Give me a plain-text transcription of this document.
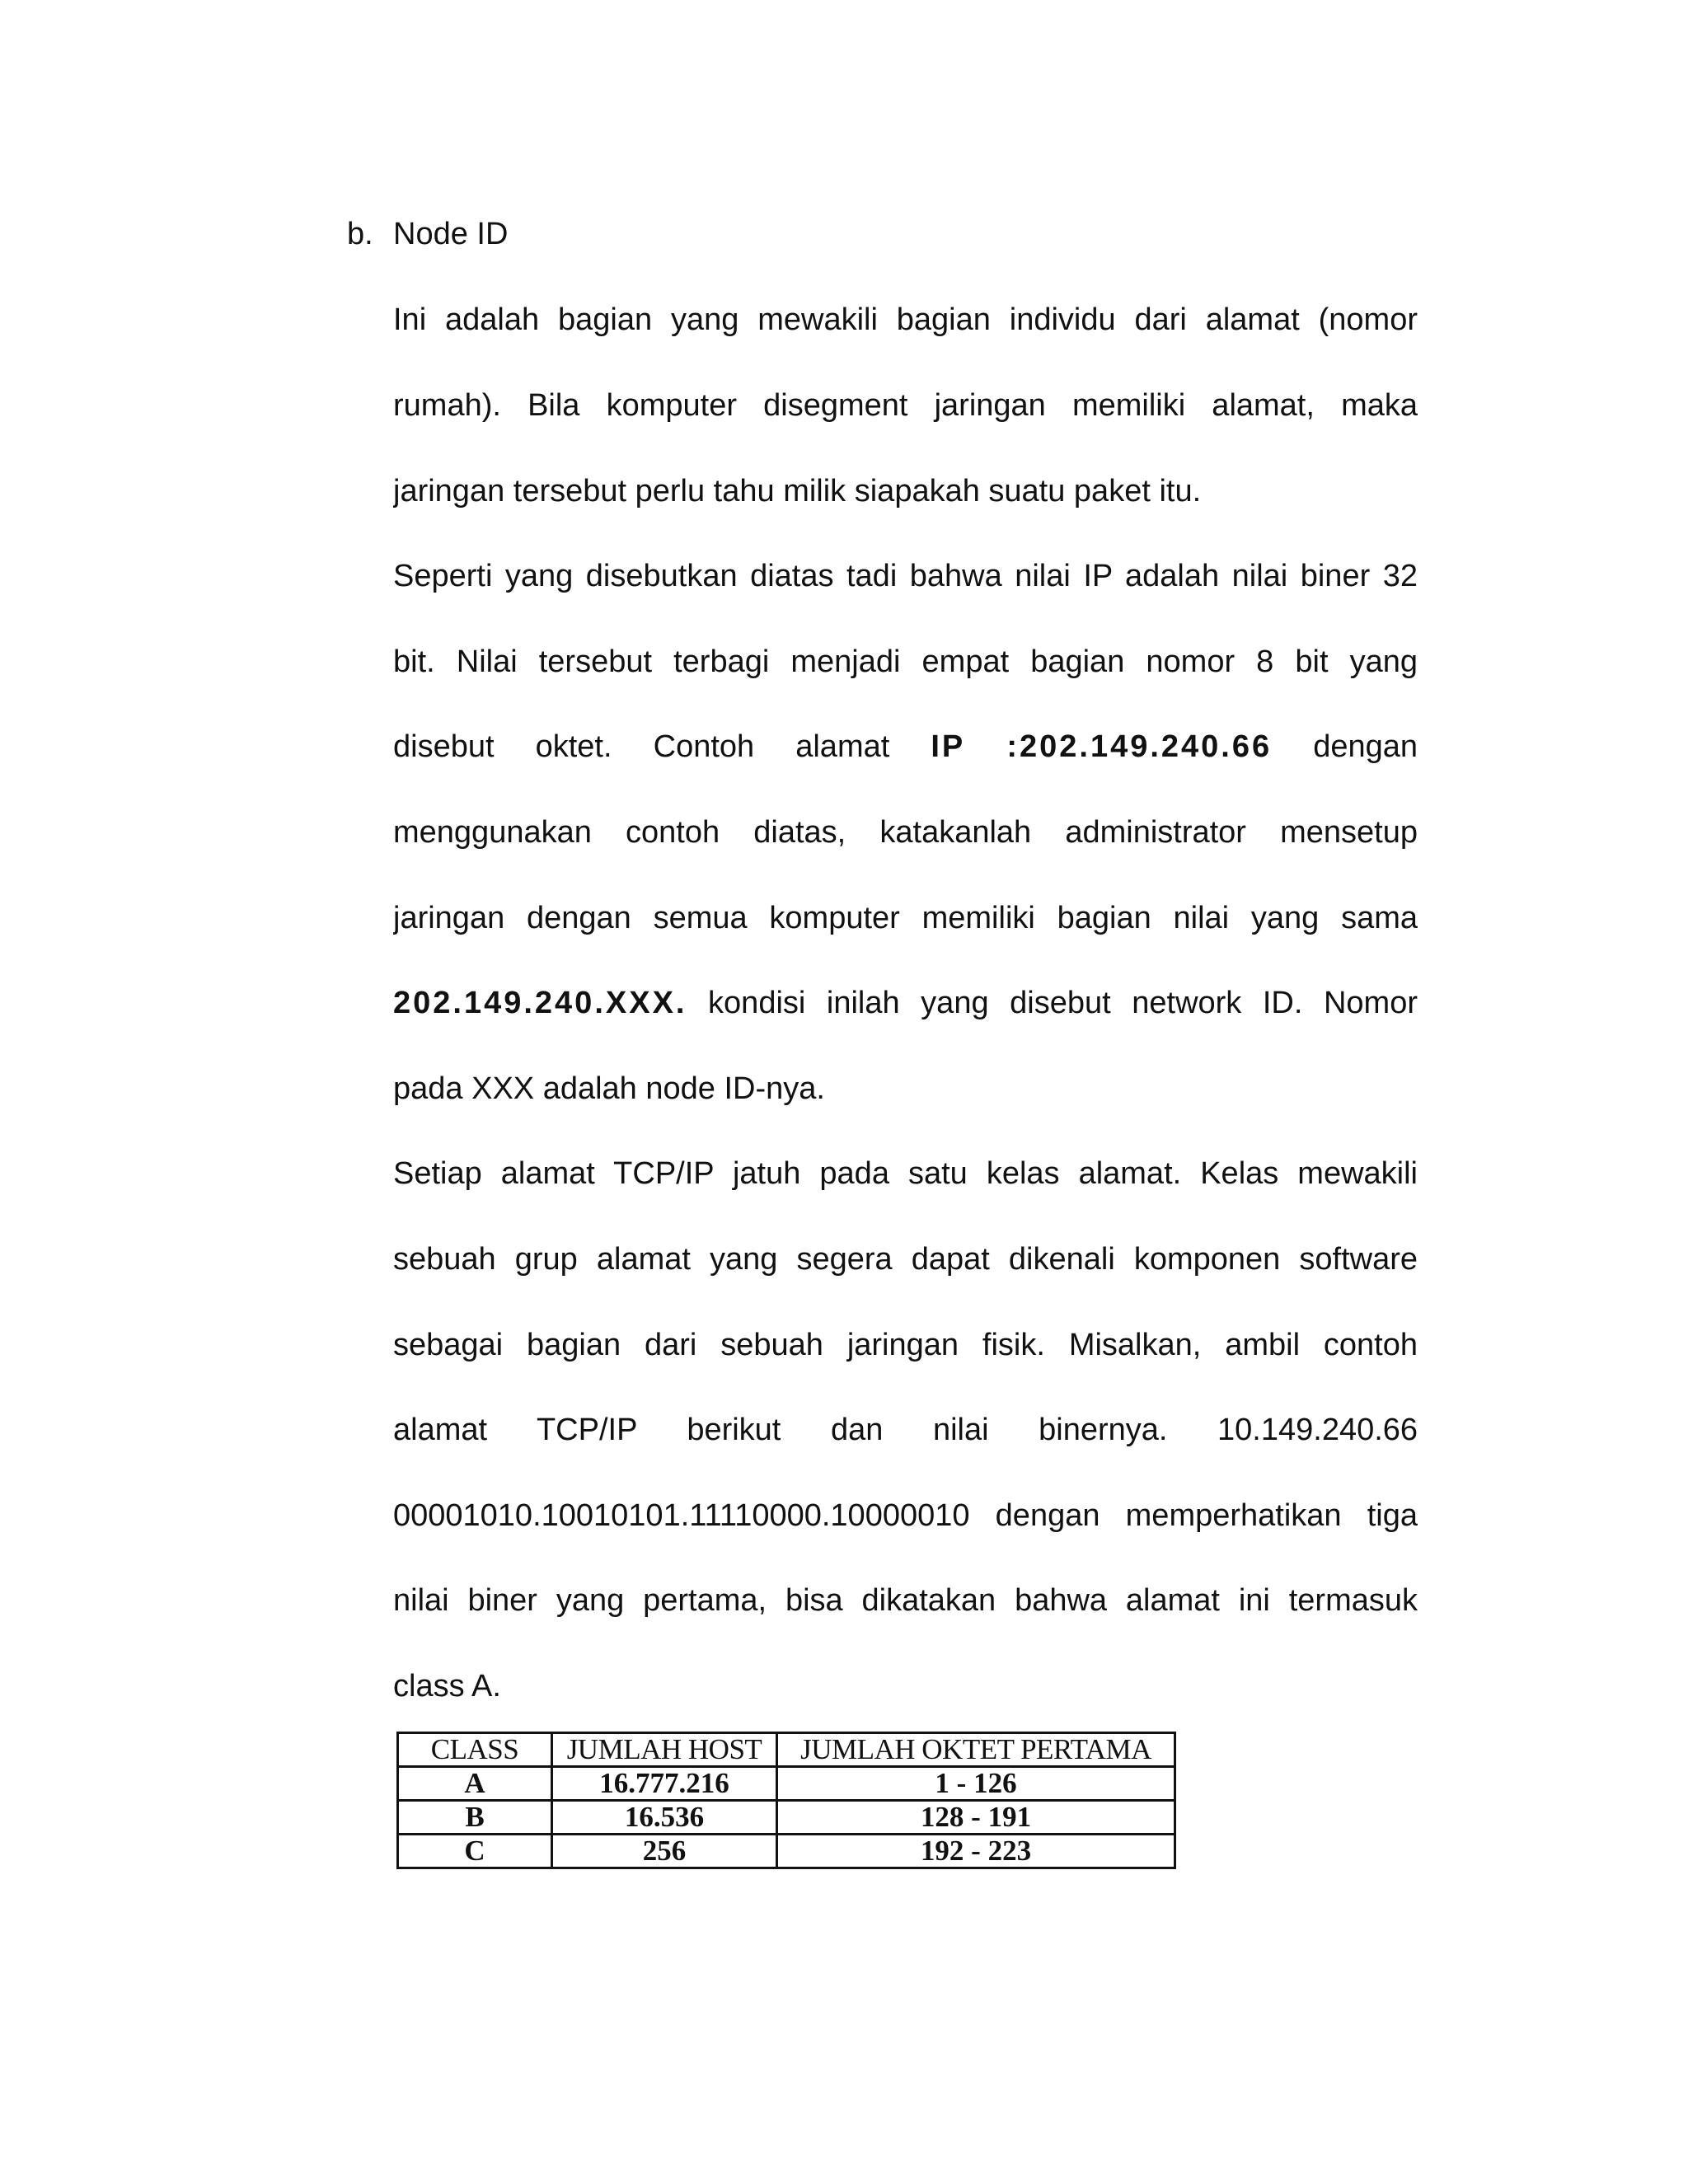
b. Node ID
Ini adalah bagian yang mewakili bagian individu dari alamat (nomor
rumah). Bila komputer disegment jaringan memiliki alamat, maka
jaringan tersebut perlu tahu milik siapakah suatu paket itu.
Seperti yang disebutkan diatas tadi bahwa nilai IP adalah nilai biner 32
bit. Nilai tersebut terbagi menjadi empat bagian nomor 8 bit yang
disebut oktet. Contoh alamat IP :202.149.240.66 dengan
menggunakan contoh diatas, katakanlah administrator mensetup
jaringan dengan semua komputer memiliki bagian nilai yang sama
202.149.240.XXX. kondisi inilah yang disebut network ID. Nomor
pada XXX adalah node ID-nya.
Setiap alamat TCP/IP jatuh pada satu kelas alamat. Kelas mewakili
sebuah grup alamat yang segera dapat dikenali komponen software
sebagai bagian dari sebuah jaringan fisik. Misalkan, ambil contoh
alamat TCP/IP berikut dan nilai binernya. 10.149.240.66
00001010.10010101.11110000.10000010 dengan memperhatikan tiga
nilai biner yang pertama, bisa dikatakan bahwa alamat ini termasuk
class A.
CLASS	JUMLAH HOST	JUMLAH OKTET PERTAMA
A	16.777.216	1 - 126
B	16.536	128 - 191
C	256	192 - 223
